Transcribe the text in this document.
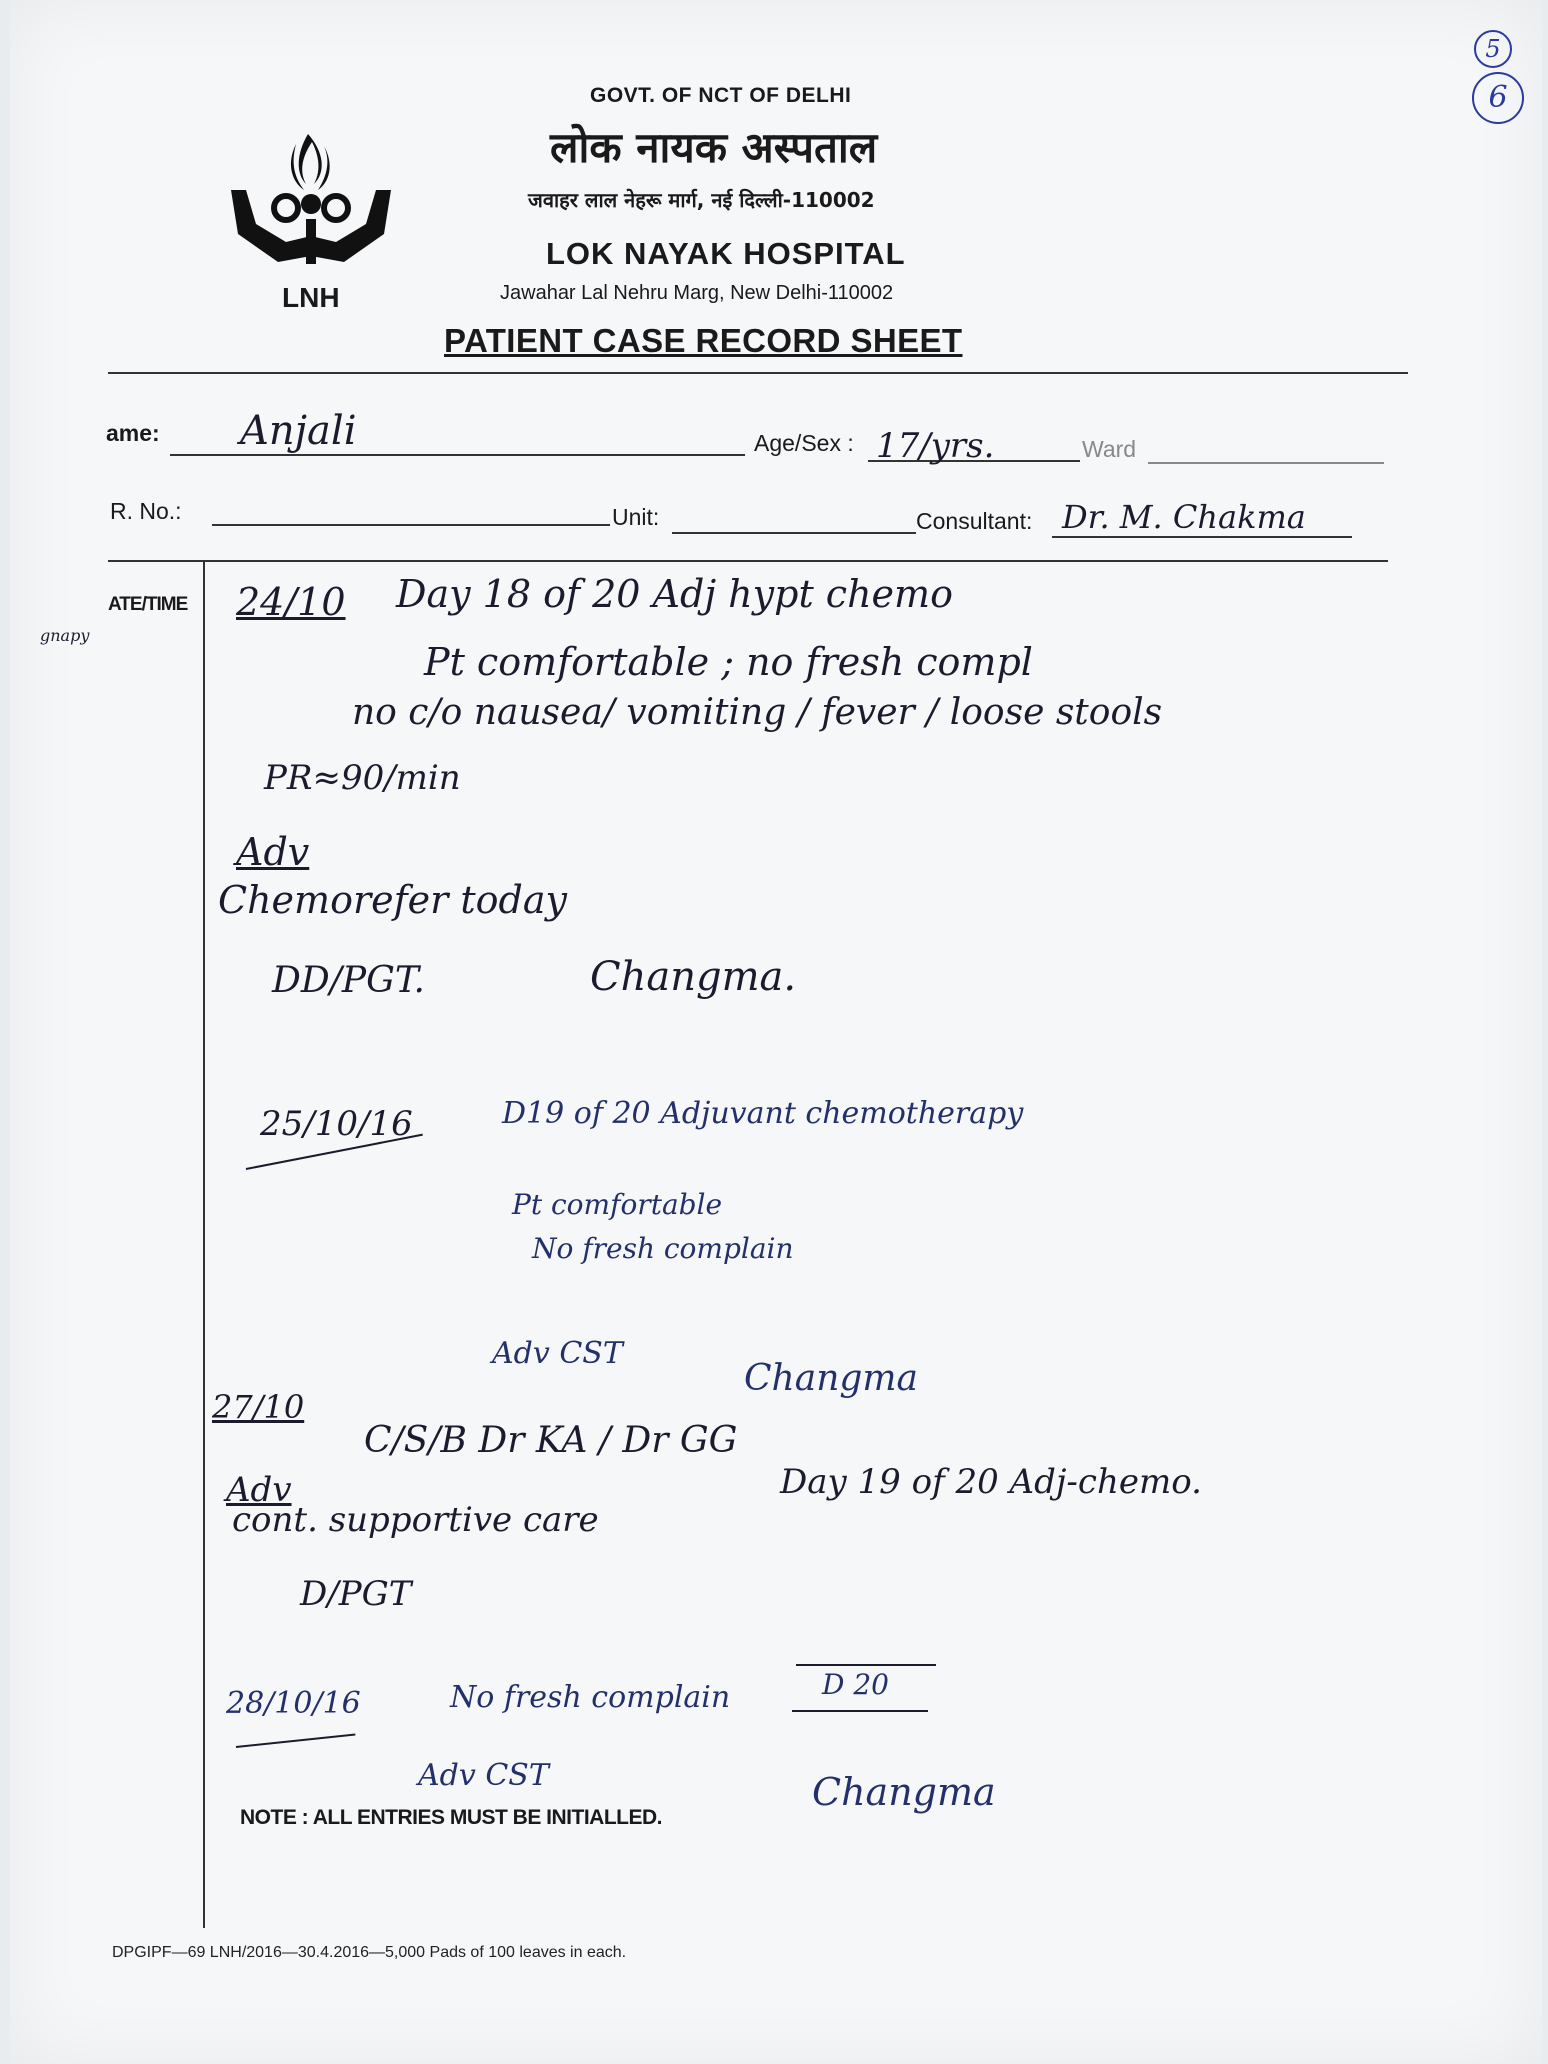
5
6
LNH
GOVT. OF NCT OF DELHI
लोक नायक अस्पताल
जवाहर लाल नेहरू मार्ग, नई दिल्ली-110002
LOK NAYAK HOSPITAL
Jawahar Lal Nehru Marg, New Delhi-110002
PATIENT CASE RECORD SHEET
ame: Anjali	Age/Sex : 17/yrs.	Ward
R. No.:	Unit:	Consultant: Dr. M. Chakma
ATE/TIME
gnapy
24/10 Day 18 of 20 Adj hypt chemo
Pt comfortable ; no fresh compl
no c/o nausea/ vomiting / fever / loose stools
PR≈90/min
Adv
Chemorefer today
DD/PGT.	Changma.
25/10/16	D19 of 20 Adjuvant chemotherapy
Pt comfortable
No fresh complain
Adv CST
Changma
27/10
C/S/B Dr KA / Dr GG
Day 19 of 20 Adj-chemo.
Adv
cont. supportive care
D/PGT
28/10/16	No fresh complain	D 20
Adv CST	Changma
NOTE : ALL ENTRIES MUST BE INITIALLED.
DPGIPF—69 LNH/2016—30.4.2016—5,000 Pads of 100 leaves in each.
